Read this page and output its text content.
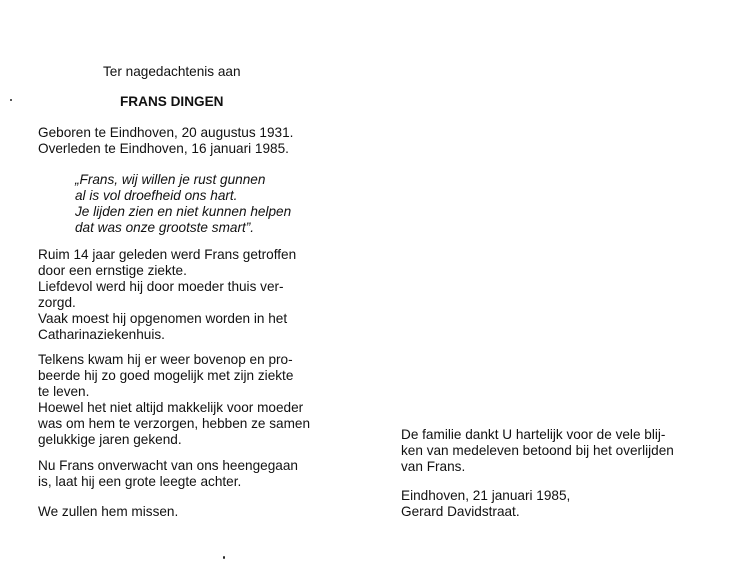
Ter nagedachtenis aan
FRANS DINGEN
Geboren te Eindhoven, 20 augustus 1931.
Overleden te Eindhoven, 16 januari 1985.
„Frans, wij willen je rust gunnen
al is vol droefheid ons hart.
Je lijden zien en niet kunnen helpen
dat was onze grootste smart”.
Ruim 14 jaar geleden werd Frans getroffen
door een ernstige ziekte.
Liefdevol werd hij door moeder thuis ver-
zorgd.
Vaak moest hij opgenomen worden in het
Catharinaziekenhuis.
Telkens kwam hij er weer bovenop en pro-
beerde hij zo goed mogelijk met zijn ziekte
te leven.
Hoewel het niet altijd makkelijk voor moeder
was om hem te verzorgen, hebben ze samen
gelukkige jaren gekend.
Nu Frans onverwacht van ons heengegaan
is, laat hij een grote leegte achter.
We zullen hem missen.
De familie dankt U hartelijk voor de vele blij-
ken van medeleven betoond bij het overlijden
van Frans.
Eindhoven, 21 januari 1985,
Gerard Davidstraat.
